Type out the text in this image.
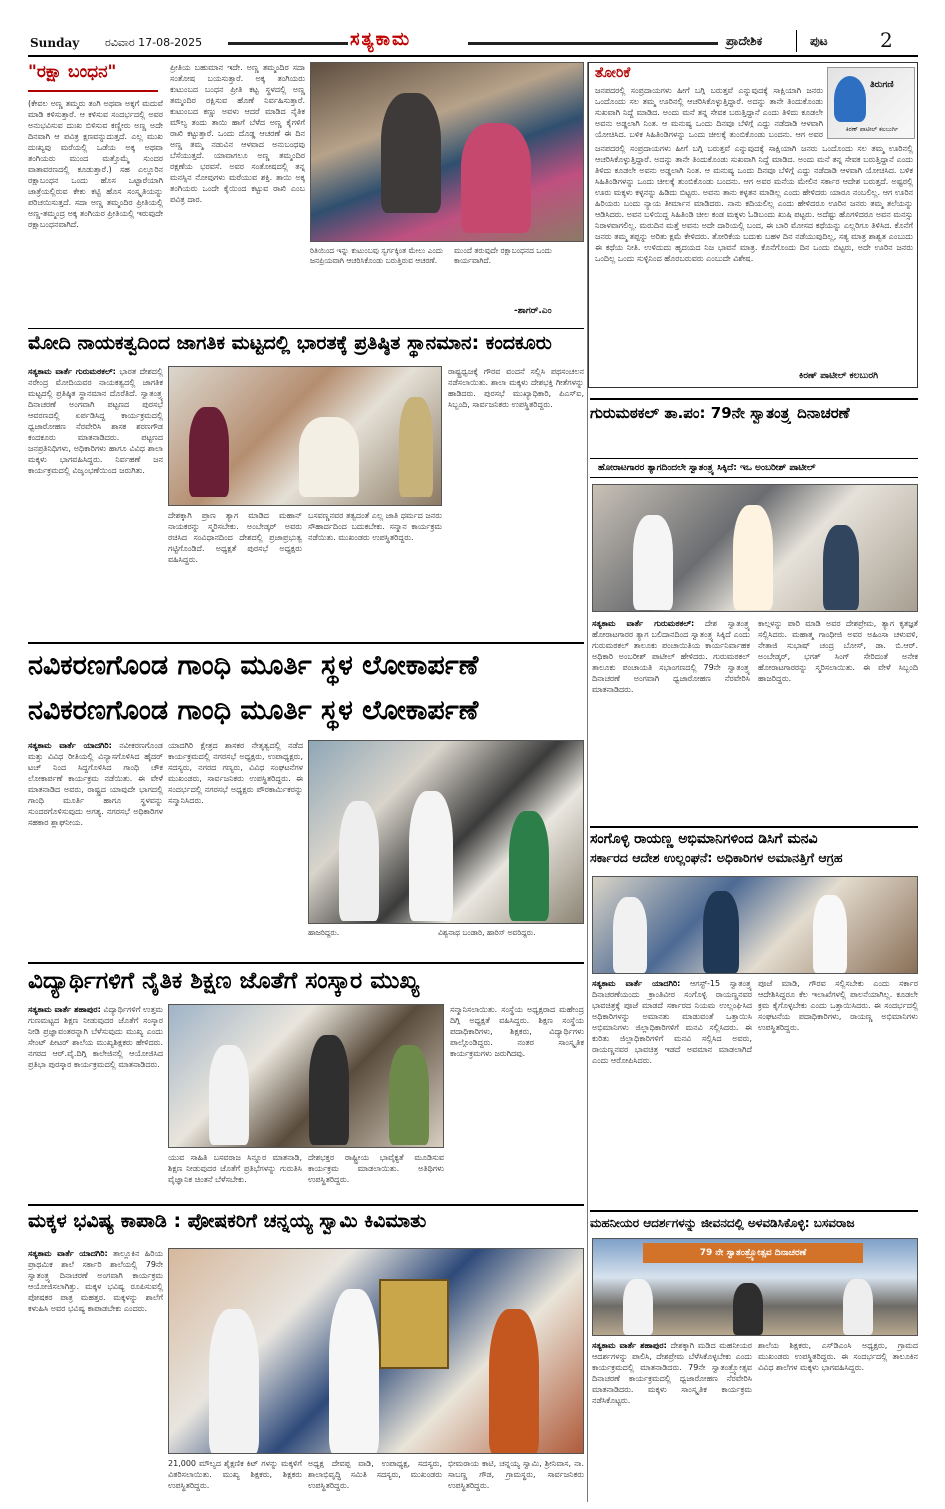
Sunday ರವಿವಾರ 17-08-2025	ಸತ್ಯಕಾಮ	ಪ್ರಾದೇಶಿಕ	ಪುಟ	2
"ರಕ್ಷಾ ಬಂಧನ"
(ಕೇವಲ ಅಣ್ಣ ತಮ್ಮರು ತಂಗಿ ಅಥವಾ ಅಕ್ಕಗೆ ಮದುವೆ ಮಾಡಿ ಕಳಿಸುತ್ತಾರೆ. ಆ ಕಳಿಸುವ ಸಂದರ್ಭದಲ್ಲಿ ಅವರ ಅನುಭವಿಸುವ ದುಃಖ ಬಿಳಿಸುವ ಕಣ್ಣೀರು ಅಣ್ಣ ಅದೇ ದಿನವಾಗಿ ಆ ಪವಿತ್ರ ಕ್ಷಣವನ್ನುದುತ್ತದೆ. ಎಲ್ಲ ಮುಖ ದುಃಖ್ಯವು ಮರೆಯಲ್ಲಿ ಒಡೆಯ ಅಕ್ಕ ಅಥವಾ ತಂಗಿಯರು ಮುಂದ ಮತ್ತೊಮ್ಮೆ ಸುಂದರ ವಾತಾವರಣದಲ್ಲಿ ಕೂಡುತ್ತಾರೆ.) ಸಹ ಎಲ್ಲೂರಿನ ರಕ್ಷಾಬಂಧನ ಒಂದು ಹೊಸ ಒಟ್ಟಾರೆಯಾಗಿ ಜಾತ್ರೆಯಲ್ಲಿರುವ ಕೇಕು ಕಟ್ಟಿ ಹೊಸ ಸಂಸ್ಕೃತಿಯನ್ನು ಪರಿಚಯಿಸುತ್ತದೆ. ಸದಾ ಅಣ್ಣ ತಮ್ಮಂದಿರ ಪ್ರೀತಿಯಲ್ಲಿ ಅಣ್ಣ-ತಮ್ಮಂದ್ರ ಅಕ್ಕ ತಂಗಿಯರ ಪ್ರೀತಿಯಲ್ಲಿ ಇರುವುದೇ ರಕ್ಷಾಬಂಧನವಾಗಿದೆ.
ಪ್ರೀತಿಯ ಬಹುಮಾನ ಇದೇ. ಅಣ್ಣ ತಮ್ಮಂದಿರ ಸದಾ ಸಂತೋಷ ಬಯಸುತ್ತಾರೆ. ಅಕ್ಕ ತಂಗಿಯರು ಕುಟುಂಬದ ಬಂಧನ ಪ್ರೀತಿ ಕಟ್ಟ ಸ್ಥಳದಲ್ಲಿ ಅಣ್ಣ ತಮ್ಮಂದಿರ ರಕ್ಷಿಸುವ ಹೊಣೆ ನಿರ್ವಹಿಸುತ್ತಾರೆ. ಕುಟುಂಬದ ಕಣ್ಣು ಅವಳು ಆದರೆ ಮಾಡಿದ ನೈತಿಕ ಮೌಲ್ಯ ತಂದು ತಾಯಿ ಹಾಗೆ ಬೆಳೆದ ಅಣ್ಣ ಕೈಗಳಿಗೆ ರಾಖಿ ಕಟ್ಟುತ್ತಾರೆ. ಒಂದು ದೊಡ್ಡ ಆಚರಣೆ ಈ ದಿನ ಅಣ್ಣ ತಮ್ಮ ನಡುವಿನ ಆಳವಾದ ಅನುಬಂಧವು ಬೆಸೆಯುತ್ತದೆ. ಯಾವಾಗಲೂ ಅಣ್ಣ ತಮ್ಮಂದಿರ ರಕ್ಷಣೆಯ ಭರವಸೆ. ಅವರ ಸಂತೋಷದಲ್ಲಿ ತನ್ನ ಮನಸ್ಸಿನ ನೋವುಗಳು ಮರೆಯುವ ಶಕ್ತಿ. ತಾಯಿ ಅಕ್ಕ ತಂಗಿಯರು ಒಂದೇ ಕೈಯಿಂದ ಕಟ್ಟುವ ರಾಖಿ ಎಂಬ ಪವಿತ್ರ ದಾರ.
ರಿತಿಯಿಂದ ಇನ್ನು ಕುಟುಂಬವು ಸ್ವರ್ಗಕ್ಕಿಂತ ಮೇಲು ಎಂದು ಜನಪ್ರಿಯವಾಗಿ ಆಚರಿಸಿಕೊಂಡು ಬರುತ್ತಿರುವ ಆಚರಣೆ.
ಮುಂದೆ ತರುವುದೇ ರಕ್ಷಾಬಂಧನದ ಒಂದು ಕಾರ್ಯವಾಗಿದೆ.
-ಶಾಗರ್.ಎಂ
ತೋರಿಕೆ
ತಿರುಗಣಿ
ಕಿರಣ್ ಪಾಟೀಲ್ ಕಲಬುರ್ಗಿ
ಜನಪದರಲ್ಲಿ ಸಂಪ್ರದಾಯಗಳು ಹೀಗೆ ಬಗ್ಗಿ ಬರುತ್ತವೆ ಎನ್ನುವುದಕ್ಕೆ ಸಾಕ್ಷಿಯಾಗಿ ಜನರು ಒಂದೊಂದು ಸಲ ತಮ್ಮ ಊರಿನಲ್ಲಿ ಆಚರಿಸಿಕೊಳ್ಳುತ್ತಿದ್ದಾರೆ. ಅದನ್ನು ತಾನೇ ತಿಂದುಕೊಂಡು ಸುಖವಾಗಿ ನಿದ್ದೆ ಮಾಡಿದ. ಅಂದು ಮನೆ ತನ್ನ ಸೇವಕ ಬರುತ್ತಿದ್ದಾನೆ ಎಂದು ತಿಳಿದು ಕೂಡಲೇ ಅವನು ಅಡ್ಡಲಾಗಿ ನಿಂತ. ಆ ಮನುಷ್ಯ ಒಂದು ದಿನವೂ ಬೆಳಿಗ್ಗೆ ಎದ್ದು ನಡೆದಾಡಿ ಆಳವಾಗಿ ಯೋಚಿಸಿದ. ಬಳಿಕ ಸಿಹಿತಿಂಡಿಗಳನ್ನು ಒಂದು ಚೀಲಕ್ಕೆ ತುಂಬಿಕೊಂಡು ಬಂದನು. ಆಗ ಅವರ
ಜನಪದರಲ್ಲಿ ಸಂಪ್ರದಾಯಗಳು ಹೀಗೆ ಬಗ್ಗಿ ಬರುತ್ತವೆ ಎನ್ನುವುದಕ್ಕೆ ಸಾಕ್ಷಿಯಾಗಿ ಜನರು ಒಂದೊಂದು ಸಲ ತಮ್ಮ ಊರಿನಲ್ಲಿ ಆಚರಿಸಿಕೊಳ್ಳುತ್ತಿದ್ದಾರೆ. ಅದನ್ನು ತಾನೇ ತಿಂದುಕೊಂಡು ಸುಖವಾಗಿ ನಿದ್ದೆ ಮಾಡಿದ. ಅಂದು ಮನೆ ತನ್ನ ಸೇವಕ ಬರುತ್ತಿದ್ದಾನೆ ಎಂದು ತಿಳಿದು ಕೂಡಲೇ ಅವನು ಅಡ್ಡಲಾಗಿ ನಿಂತ. ಆ ಮನುಷ್ಯ ಒಂದು ದಿನವೂ ಬೆಳಿಗ್ಗೆ ಎದ್ದು ನಡೆದಾಡಿ ಆಳವಾಗಿ ಯೋಚಿಸಿದ. ಬಳಿಕ ಸಿಹಿತಿಂಡಿಗಳನ್ನು ಒಂದು ಚೀಲಕ್ಕೆ ತುಂಬಿಕೊಂಡು ಬಂದನು. ಆಗ ಅವರ ಮನೆಯ ಮೇಲಿನ ಸರ್ಕಾರ ಆದೇಶ ಬರುತ್ತದೆ. ಅಷ್ಟರಲ್ಲಿ ಊರು ಮಕ್ಕಳು ಕಳ್ಳನನ್ನು ಹಿಡಿದು ಬಿಟ್ಟರು. ಅವನು ತಾನು ಕಳ್ಳತನ ಮಾಡಿಲ್ಲ ಎಂದು ಹೇಳಿದರು ಯಾರೂ ನಂಬಲಿಲ್ಲ. ಆಗ ಊರಿನ ಹಿರಿಯರು ಬಂದು ನ್ಯಾಯ ತೀರ್ಮಾನ ಮಾಡಿದರು. ನಾನು ಕದಿಯಲಿಲ್ಲ ಎಂದು ಹೇಳಿದರೂ ಊರಿನ ಜನರು ತಮ್ಮ ತಲೆಯನ್ನು ಆಡಿಸಿದರು. ಅವನ ಬಳಿಯಿದ್ದ ಸಿಹಿತಿಂಡಿ ಚೀಲ ಕಂಡ ಮಕ್ಕಳು ಓಡಿಬಂದು ಖುಷಿ ಪಟ್ಟರು. ಅದೆಷ್ಟು ಹೊಗಳಿದರೂ ಅವನ ಮನಸ್ಸು ನಿರಾಳವಾಗಲಿಲ್ಲ. ಮರುದಿನ ಮತ್ತೆ ಅವನು ಅದೇ ದಾರಿಯಲ್ಲಿ ಬಂದ, ಈ ಬಾರಿ ಮೋಸದ ಕಥೆಯನ್ನು ಎಲ್ಲರಿಗೂ ತಿಳಿಸಿದ. ಕೊನೆಗೆ ಜನರು ತಮ್ಮ ತಪ್ಪನ್ನು ಅರಿತು ಕ್ಷಮೆ ಕೇಳಿದರು. ತೋರಿಕೆಯ ಬದುಕು ಬಹಳ ದಿನ ನಡೆಯುವುದಿಲ್ಲ, ಸತ್ಯ ಮಾತ್ರ ಶಾಶ್ವತ ಎಂಬುದು ಈ ಕಥೆಯ ನೀತಿ. ಉಳಿದುದು ಹೃದಯದ ನಿಜ ಭಾವನೆ ಮಾತ್ರ. ಕೊನೆಗೊಂದು ದಿನ ಒಂದು ಬಿಟ್ಟರು, ಅದೇ ಊರಿನ ಜನರು ಒಂದಿಲ್ಲ ಒಂದು ಸುಳ್ಳಿನಿಂದ ಹೊರಬರುವರು ಎಂಬುದೇ ವಿಶೇಷ.
ಕಿರಣ್ ಪಾಟೀಲ್ ಕಲಬುರಗಿ
ಮೋದಿ ನಾಯಕತ್ವದಿಂದ ಜಾಗತಿಕ ಮಟ್ಟದಲ್ಲಿ ಭಾರತಕ್ಕೆ ಪ್ರತಿಷ್ಠಿತ ಸ್ಥಾನಮಾನ: ಕಂದಕೂರು
ಸತ್ಯಕಾಮ ವಾರ್ತೆ ಗುರುಮಠಕಲ್: ಭಾರತ ದೇಶದಲ್ಲಿ ನರೇಂದ್ರ ಮೋದಿಯವರ ನಾಯಕತ್ವದಲ್ಲಿ ಜಾಗತಿಕ ಮಟ್ಟದಲ್ಲಿ ಪ್ರತಿಷ್ಠಿತ ಸ್ಥಾನಮಾನ ದೊರೆತಿದೆ. ಸ್ವಾತಂತ್ರ್ಯ ದಿನಾಚರಣೆ ಅಂಗವಾಗಿ ಪಟ್ಟಣದ ಪುರಸಭೆ ಆವರಣದಲ್ಲಿ ಏರ್ಪಡಿಸಿದ್ದ ಕಾರ್ಯಕ್ರಮದಲ್ಲಿ ಧ್ವಜಾರೋಹಣ ನೆರವೇರಿಸಿ ಶಾಸಕ ಶರಣಗೌಡ ಕಂದಕೂರು ಮಾತನಾಡಿದರು. ಪಟ್ಟಣದ ಜನಪ್ರತಿನಿಧಿಗಳು, ಅಧಿಕಾರಿಗಳು ಹಾಗೂ ವಿವಿಧ ಶಾಲಾ ಮಕ್ಕಳು ಭಾಗವಹಿಸಿದ್ದರು. ನಿರ್ವಹಣೆ ಜನ ಕಾರ್ಯಕ್ರಮದಲ್ಲಿ ವಿಜೃಂಭಣೆಯಿಂದ ಜರುಗಿತು.
ದೇಶಕ್ಕಾಗಿ ಪ್ರಾಣ ತ್ಯಾಗ ಮಾಡಿದ ಮಹಾನ್ ನಾಯಕರನ್ನು ಸ್ಮರಿಸಬೇಕು. ಅಂಬೇಡ್ಕರ್ ಅವರು ರಚಿಸಿದ ಸಂವಿಧಾನದಿಂದ ದೇಶದಲ್ಲಿ ಪ್ರಜಾಪ್ರಭುತ್ವ ಗಟ್ಟಿಗೊಂಡಿದೆ. ಅಧ್ಯಕ್ಷತೆ ಪುರಸಭೆ ಅಧ್ಯಕ್ಷರು ವಹಿಸಿದ್ದರು.
ಬಸವಣ್ಣನವರ ತತ್ವದಂತೆ ಎಲ್ಲ ಜಾತಿ ಧರ್ಮದ ಜನರು ಸೌಹಾರ್ದದಿಂದ ಬದುಕಬೇಕು. ಸನ್ಮಾನ ಕಾರ್ಯಕ್ರಮ ನಡೆಯಿತು. ಮುಖಂಡರು ಉಪಸ್ಥಿತರಿದ್ದರು.
ರಾಷ್ಟ್ರಧ್ವಜಕ್ಕೆ ಗೌರವ ವಂದನೆ ಸಲ್ಲಿಸಿ ಪಥಸಂಚಲನ ನಡೆಸಲಾಯಿತು. ಶಾಲಾ ಮಕ್ಕಳು ದೇಶಭಕ್ತಿ ಗೀತೆಗಳನ್ನು ಹಾಡಿದರು. ಪುರಸಭೆ ಮುಖ್ಯಾಧಿಕಾರಿ, ಪಿಎಸ್ಐ, ಸಿಬ್ಬಂದಿ, ಸಾರ್ವಜನಿಕರು ಉಪಸ್ಥಿತರಿದ್ದರು.	ಗುರುಮಠಕಲ್ ತಾ.ಪಂ: 79ನೇ ಸ್ವಾತಂತ್ರ್ಯ ದಿನಾಚರಣೆ
ಹೋರಾಟಗಾರರ ತ್ಯಾಗದಿಂದಲೇ ಸ್ವಾತಂತ್ರ್ಯ ಸಿಕ್ಕಿದೆ: ಇಒ ಅಂಬರೀಶ್ ಪಾಟೀಲ್
ಸತ್ಯಕಾಮ ವಾರ್ತೆ ಗುರುಮಠಕಲ್: ದೇಶ ಸ್ವಾತಂತ್ರ್ಯ ಹೋರಾಟಗಾರರ ತ್ಯಾಗ ಬಲಿದಾನದಿಂದ ಸ್ವಾತಂತ್ರ್ಯ ಸಿಕ್ಕಿದೆ ಎಂದು ಗುರುಮಠಕಲ್ ತಾಲೂಕು ಪಂಚಾಯಿತಿಯ ಕಾರ್ಯನಿರ್ವಾಹಕ ಅಧಿಕಾರಿ ಅಂಬರೀಶ್ ಪಾಟೀಲ್ ಹೇಳಿದರು. ಗುರುಮಠಕಲ್ ತಾಲೂಕು ಪಂಚಾಯತಿ ಸಭಾಂಗಣದಲ್ಲಿ 79ನೇ ಸ್ವಾತಂತ್ರ್ಯ ದಿನಾಚರಣೆ ಅಂಗವಾಗಿ ಧ್ವಜಾರೋಹಣ ನೆರವೇರಿಸಿ ಮಾತನಾಡಿದರು.
ಕಾಲ್ಗಳನ್ನು ಪಾರಿ ಮಾಡಿ ಅವರ ದೇಶಪ್ರೇಮ, ತ್ಯಾಗ ಕೃತಜ್ಞತೆ ಸಲ್ಲಿಸಿದರು. ಮಹಾತ್ಮ ಗಾಂಧೀಜಿ ಅವರ ಅಹಿಂಸಾ ಚಳುವಳಿ, ನೇತಾಜಿ ಸುಭಾಷ್ ಚಂದ್ರ ಬೋಸ್, ಡಾ. ಬಿ.ಆರ್. ಅಂಬೇಡ್ಕರ್, ಭಗತ್ ಸಿಂಗ್ ಸೇರಿದಂತೆ ಅನೇಕ ಹೋರಾಟಗಾರರನ್ನು ಸ್ಮರಿಸಲಾಯಿತು. ಈ ವೇಳೆ ಸಿಬ್ಬಂದಿ ಹಾಜರಿದ್ದರು.
ನವಿಕರಣಗೊಂಡ ಗಾಂಧಿ ಮೂರ್ತಿ ಸ್ಥಳ ಲೋಕಾರ್ಪಣೆ
ನವಿಕರಣಗೊಂಡ ಗಾಂಧಿ ಮೂರ್ತಿ ಸ್ಥಳ ಲೋಕಾರ್ಪಣೆ
ಸತ್ಯಕಾಮ ವಾರ್ತೆ ಯಾದಗಿರಿ: ನವೀಕರಣಗೊಂಡ ಮತ್ತು ವಿವಿಧ ರೀತಿಯಲ್ಲಿ ವಿನ್ಯಾಸಗೊಳಿಸಿದ ಹೈದರ್ ಟಚ್ ನಿಂದ ಸಿದ್ದಗೊಳಿಸಿದ ಗಾಂಧಿ ಚೌಕ ಲೋಕಾರ್ಪಣೆ ಕಾರ್ಯಕ್ರಮ ನಡೆಯಿತು. ಈ ವೇಳೆ ಮಾತನಾಡಿದ ಅವರು, ರಾಷ್ಟ್ರದ ಯಾವುದೇ ಭಾಗದಲ್ಲಿ ಗಾಂಧಿ ಮೂರ್ತಿ ಹಾಗೂ ಸ್ಥಳವನ್ನು ಸುಂದರಗೊಳಿಸುವುದು ಅಗತ್ಯ. ನಗರಸಭೆ ಅಧಿಕಾರಿಗಳ ಸಹಕಾರ ಶ್ಲಾಘನೀಯ.
ಯಾದಗಿರಿ ಕ್ಷೇತ್ರದ ಶಾಸಕರ ನೇತೃತ್ವದಲ್ಲಿ ನಡೆದ ಕಾರ್ಯಕ್ರಮದಲ್ಲಿ ನಗರಸಭೆ ಅಧ್ಯಕ್ಷರು, ಉಪಾಧ್ಯಕ್ಷರು, ಸದಸ್ಯರು, ನಗರದ ಗಣ್ಯರು, ವಿವಿಧ ಸಂಘಟನೆಗಳ ಮುಖಂಡರು, ಸಾರ್ವಜನಿಕರು ಉಪಸ್ಥಿತರಿದ್ದರು. ಈ ಸಂದರ್ಭದಲ್ಲಿ ನಗರಸಭೆ ಅಧ್ಯಕ್ಷರು ಪೌರಕಾರ್ಮಿಕರನ್ನು ಸನ್ಮಾನಿಸಿದರು.
ಹಾಜರಿದ್ದರು.	ವಿಶ್ವನಾಥ ಬಂಡಾರಿ, ಹಾರಿಸ್ ಅವರಿದ್ದರು.
ಸಂಗೊಳ್ಳಿ ರಾಯಣ್ಣ ಅಭಿಮಾನಿಗಳಿಂದ ಡಿಸಿಗೆ ಮನವಿ
ಸರ್ಕಾರದ ಆದೇಶ ಉಲ್ಲಂಘನೆ: ಅಧಿಕಾರಿಗಳ ಅಮಾನತ್ತಿಗೆ ಆಗ್ರಹ
ಸತ್ಯಕಾಮ ವಾರ್ತೆ ಯಾದಗಿರಿ: ಆಗಸ್ಟ್-15 ಸ್ವಾತಂತ್ರ್ಯ ದಿನಾಚರಣೆಯಂದು ಕ್ರಾಂತಿವೀರ ಸಂಗೊಳ್ಳಿ ರಾಯಣ್ಣನವರ ಭಾವಚಿತ್ರಕ್ಕೆ ಪೂಜೆ ಮಾಡದೆ ಸರ್ಕಾರದ ನಿಯಮ ಉಲ್ಲಂಘಿಸಿದ ಅಧಿಕಾರಿಗಳನ್ನು ಅಮಾನತು ಮಾಡುವಂತೆ ಒತ್ತಾಯಿಸಿ ಅಭಿಮಾನಿಗಳು ಜಿಲ್ಲಾಧಿಕಾರಿಗಳಿಗೆ ಮನವಿ ಸಲ್ಲಿಸಿದರು. ಈ ಕುರಿತು ಜಿಲ್ಲಾಧಿಕಾರಿಗಳಿಗೆ ಮನವಿ ಸಲ್ಲಿಸಿದ ಅವರು, ರಾಯಣ್ಣನವರ ಭಾವಚಿತ್ರ ಇಡದೆ ಅವಮಾನ ಮಾಡಲಾಗಿದೆ ಎಂದು ಆರೋಪಿಸಿದರು.
ಪೂಜೆ ಮಾಡಿ, ಗೌರವ ಸಲ್ಲಿಸಬೇಕು ಎಂದು ಸರ್ಕಾರ ಆದೇಶಿಸಿದ್ದರೂ ಕೆಲ ಇಲಾಖೆಗಳಲ್ಲಿ ಪಾಲನೆಯಾಗಿಲ್ಲ. ಕೂಡಲೇ ಕ್ರಮ ಕೈಗೊಳ್ಳಬೇಕು ಎಂದು ಒತ್ತಾಯಿಸಿದರು. ಈ ಸಂದರ್ಭದಲ್ಲಿ ಸಂಘಟನೆಯ ಪದಾಧಿಕಾರಿಗಳು, ರಾಯಣ್ಣ ಅಭಿಮಾನಿಗಳು ಉಪಸ್ಥಿತರಿದ್ದರು.
ವಿದ್ಯಾರ್ಥಿಗಳಿಗೆ ನೈತಿಕ ಶಿಕ್ಷಣ ಜೊತೆಗೆ ಸಂಸ್ಕಾರ ಮುಖ್ಯ
ಸತ್ಯಕಾಮ ವಾರ್ತೆ ಶಹಾಪುರ: ವಿದ್ಯಾರ್ಥಿಗಳಿಗೆ ಉತ್ತಮ ಗುಣಮಟ್ಟದ ಶಿಕ್ಷಣ ನೀಡುವುದರ ಜೊತೆಗೆ ಸಂಸ್ಕಾರ ನೀಡಿ ಪ್ರಜ್ಞಾವಂತರನ್ನಾಗಿ ಬೆಳೆಸುವುದು ಮುಖ್ಯ ಎಂದು ಸೇಂಟ್ ಪೀಟರ್ ಶಾಲೆಯ ಮುಖ್ಯಶಿಕ್ಷಕರು ಹೇಳಿದರು. ನಗರದ ಆರ್.ವೈ.ದಿಗ್ಗಿ ಕಾಲೇಜಿನಲ್ಲಿ ಆಯೋಜಿಸಿದ ಪ್ರತಿಭಾ ಪುರಸ್ಕಾರ ಕಾರ್ಯಕ್ರಮದಲ್ಲಿ ಮಾತನಾಡಿದರು.
ಯುವ ಸಾಹಿತಿ ಬಸವರಾಜ ಸಿನ್ನೂರ ಮಾತನಾಡಿ, ಶಿಕ್ಷಣ ನೀಡುವುದರ ಜೊತೆಗೆ ಪ್ರತಿಭೆಗಳನ್ನು ಗುರುತಿಸಿ ವೈಜ್ಞಾನಿಕ ಚಿಂತನೆ ಬೆಳೆಸಬೇಕು.
ದೇಶಭಕ್ತರ ರಾಷ್ಟ್ರೀಯ ಭಾವೈಕ್ಯತೆ ಮೂಡಿಸುವ ಕಾರ್ಯಕ್ರಮ ಮಾಡಲಾಯಿತು. ಅತಿಥಿಗಳು ಉಪಸ್ಥಿತರಿದ್ದರು.
ಸನ್ಮಾನಿಸಲಾಯಿತು. ಸಂಸ್ಥೆಯ ಅಧ್ಯಕ್ಷರಾದ ಮಹೇಂದ್ರ ದಿಗ್ಗಿ ಅಧ್ಯಕ್ಷತೆ ವಹಿಸಿದ್ದರು. ಶಿಕ್ಷಣ ಸಂಸ್ಥೆಯ ಪದಾಧಿಕಾರಿಗಳು, ಶಿಕ್ಷಕರು, ವಿದ್ಯಾರ್ಥಿಗಳು ಪಾಲ್ಗೊಂಡಿದ್ದರು. ನಂತರ ಸಾಂಸ್ಕೃತಿಕ ಕಾರ್ಯಕ್ರಮಗಳು ಜರುಗಿದವು.
ಮಕ್ಕಳ ಭವಿಷ್ಯ ಕಾಪಾಡಿ : ಪೋಷಕರಿಗೆ ಚನ್ನಯ್ಯ ಸ್ವಾಮಿ ಕಿವಿಮಾತು
ಸತ್ಯಕಾಮ ವಾರ್ತೆ ಯಾದಗಿರಿ: ತಾಲ್ಲೂಕಿನ ಹಿರಿಯ ಪ್ರಾಥಮಿಕ ಶಾಲೆ ಸರ್ಕಾರಿ ಶಾಲೆಯಲ್ಲಿ 79ನೇ ಸ್ವಾತಂತ್ರ್ಯ ದಿನಾಚರಣೆ ಅಂಗವಾಗಿ ಕಾರ್ಯಕ್ರಮ ಆಯೋಜಿಸಲಾಗಿತ್ತು. ಮಕ್ಕಳ ಭವಿಷ್ಯ ರೂಪಿಸುವಲ್ಲಿ ಪೋಷಕರ ಪಾತ್ರ ಮಹತ್ತರ. ಮಕ್ಕಳನ್ನು ಶಾಲೆಗೆ ಕಳುಹಿಸಿ ಅವರ ಭವಿಷ್ಯ ಕಾಪಾಡಬೇಕು ಎಂದರು.
21,000 ಮೌಲ್ಯದ ಶೈಕ್ಷಣಿಕ ಕಿಟ್ ಗಳನ್ನು ಮಕ್ಕಳಿಗೆ ವಿತರಿಸಲಾಯಿತು. ಮುಖ್ಯ ಶಿಕ್ಷಕರು, ಶಿಕ್ಷಕರು ಉಪಸ್ಥಿತರಿದ್ದರು.
ಅಧ್ಯಕ್ಷ ದೇವಪ್ಪ ವಾಡಿ, ಉಪಾಧ್ಯಕ್ಷ, ಸದಸ್ಯರು, ಶಾಲಾಭಿವೃದ್ಧಿ ಸಮಿತಿ ಸದಸ್ಯರು, ಮುಖಂಡರು ಉಪಸ್ಥಿತರಿದ್ದರು.
ಭೀಮರಾಯ ಕಾಟಿ, ಚನ್ನಯ್ಯ ಸ್ವಾಮಿ, ಶ್ರೀನಿವಾಸ, ನಾ. ಸಾಬಣ್ಣ ಗೌಡ, ಗ್ರಾಮಸ್ಥರು, ಸಾರ್ವಜನಿಕರು ಉಪಸ್ಥಿತರಿದ್ದರು.
ಮಹನೀಯರ ಆದರ್ಶಗಳನ್ನು ಜೀವನದಲ್ಲಿ ಅಳವಡಿಸಿಕೊಳ್ಳಿ: ಬಸವರಾಜ
79 ನೇ ಸ್ವಾತಂತ್ರ್ಯೋತ್ಸವ ದಿನಾಚರಣೆ
ಸತ್ಯಕಾಮ ವಾರ್ತೆ ಶಹಾಪುರ: ದೇಶಕ್ಕಾಗಿ ಮಡಿದ ಮಹನೀಯರ ಆದರ್ಶಗಳನ್ನು ಪಾಲಿಸಿ, ದೇಶಪ್ರೇಮ ಬೆಳೆಸಿಕೊಳ್ಳಬೇಕು ಎಂದು ಕಾರ್ಯಕ್ರಮದಲ್ಲಿ ಮಾತನಾಡಿದರು. 79ನೇ ಸ್ವಾತಂತ್ರ್ಯೋತ್ಸವ ದಿನಾಚರಣೆ ಕಾರ್ಯಕ್ರಮದಲ್ಲಿ ಧ್ವಜಾರೋಹಣ ನೆರವೇರಿಸಿ ಮಾತನಾಡಿದರು. ಮಕ್ಕಳು ಸಾಂಸ್ಕೃತಿಕ ಕಾರ್ಯಕ್ರಮ ನಡೆಸಿಕೊಟ್ಟರು.
ಶಾಲೆಯ ಶಿಕ್ಷಕರು, ಎಸ್‌ಡಿಎಂಸಿ ಅಧ್ಯಕ್ಷರು, ಗ್ರಾಮದ ಮುಖಂಡರು ಉಪಸ್ಥಿತರಿದ್ದರು. ಈ ಸಂದರ್ಭದಲ್ಲಿ ತಾಲೂಕಿನ ವಿವಿಧ ಶಾಲೆಗಳ ಮಕ್ಕಳು ಭಾಗವಹಿಸಿದ್ದರು.
